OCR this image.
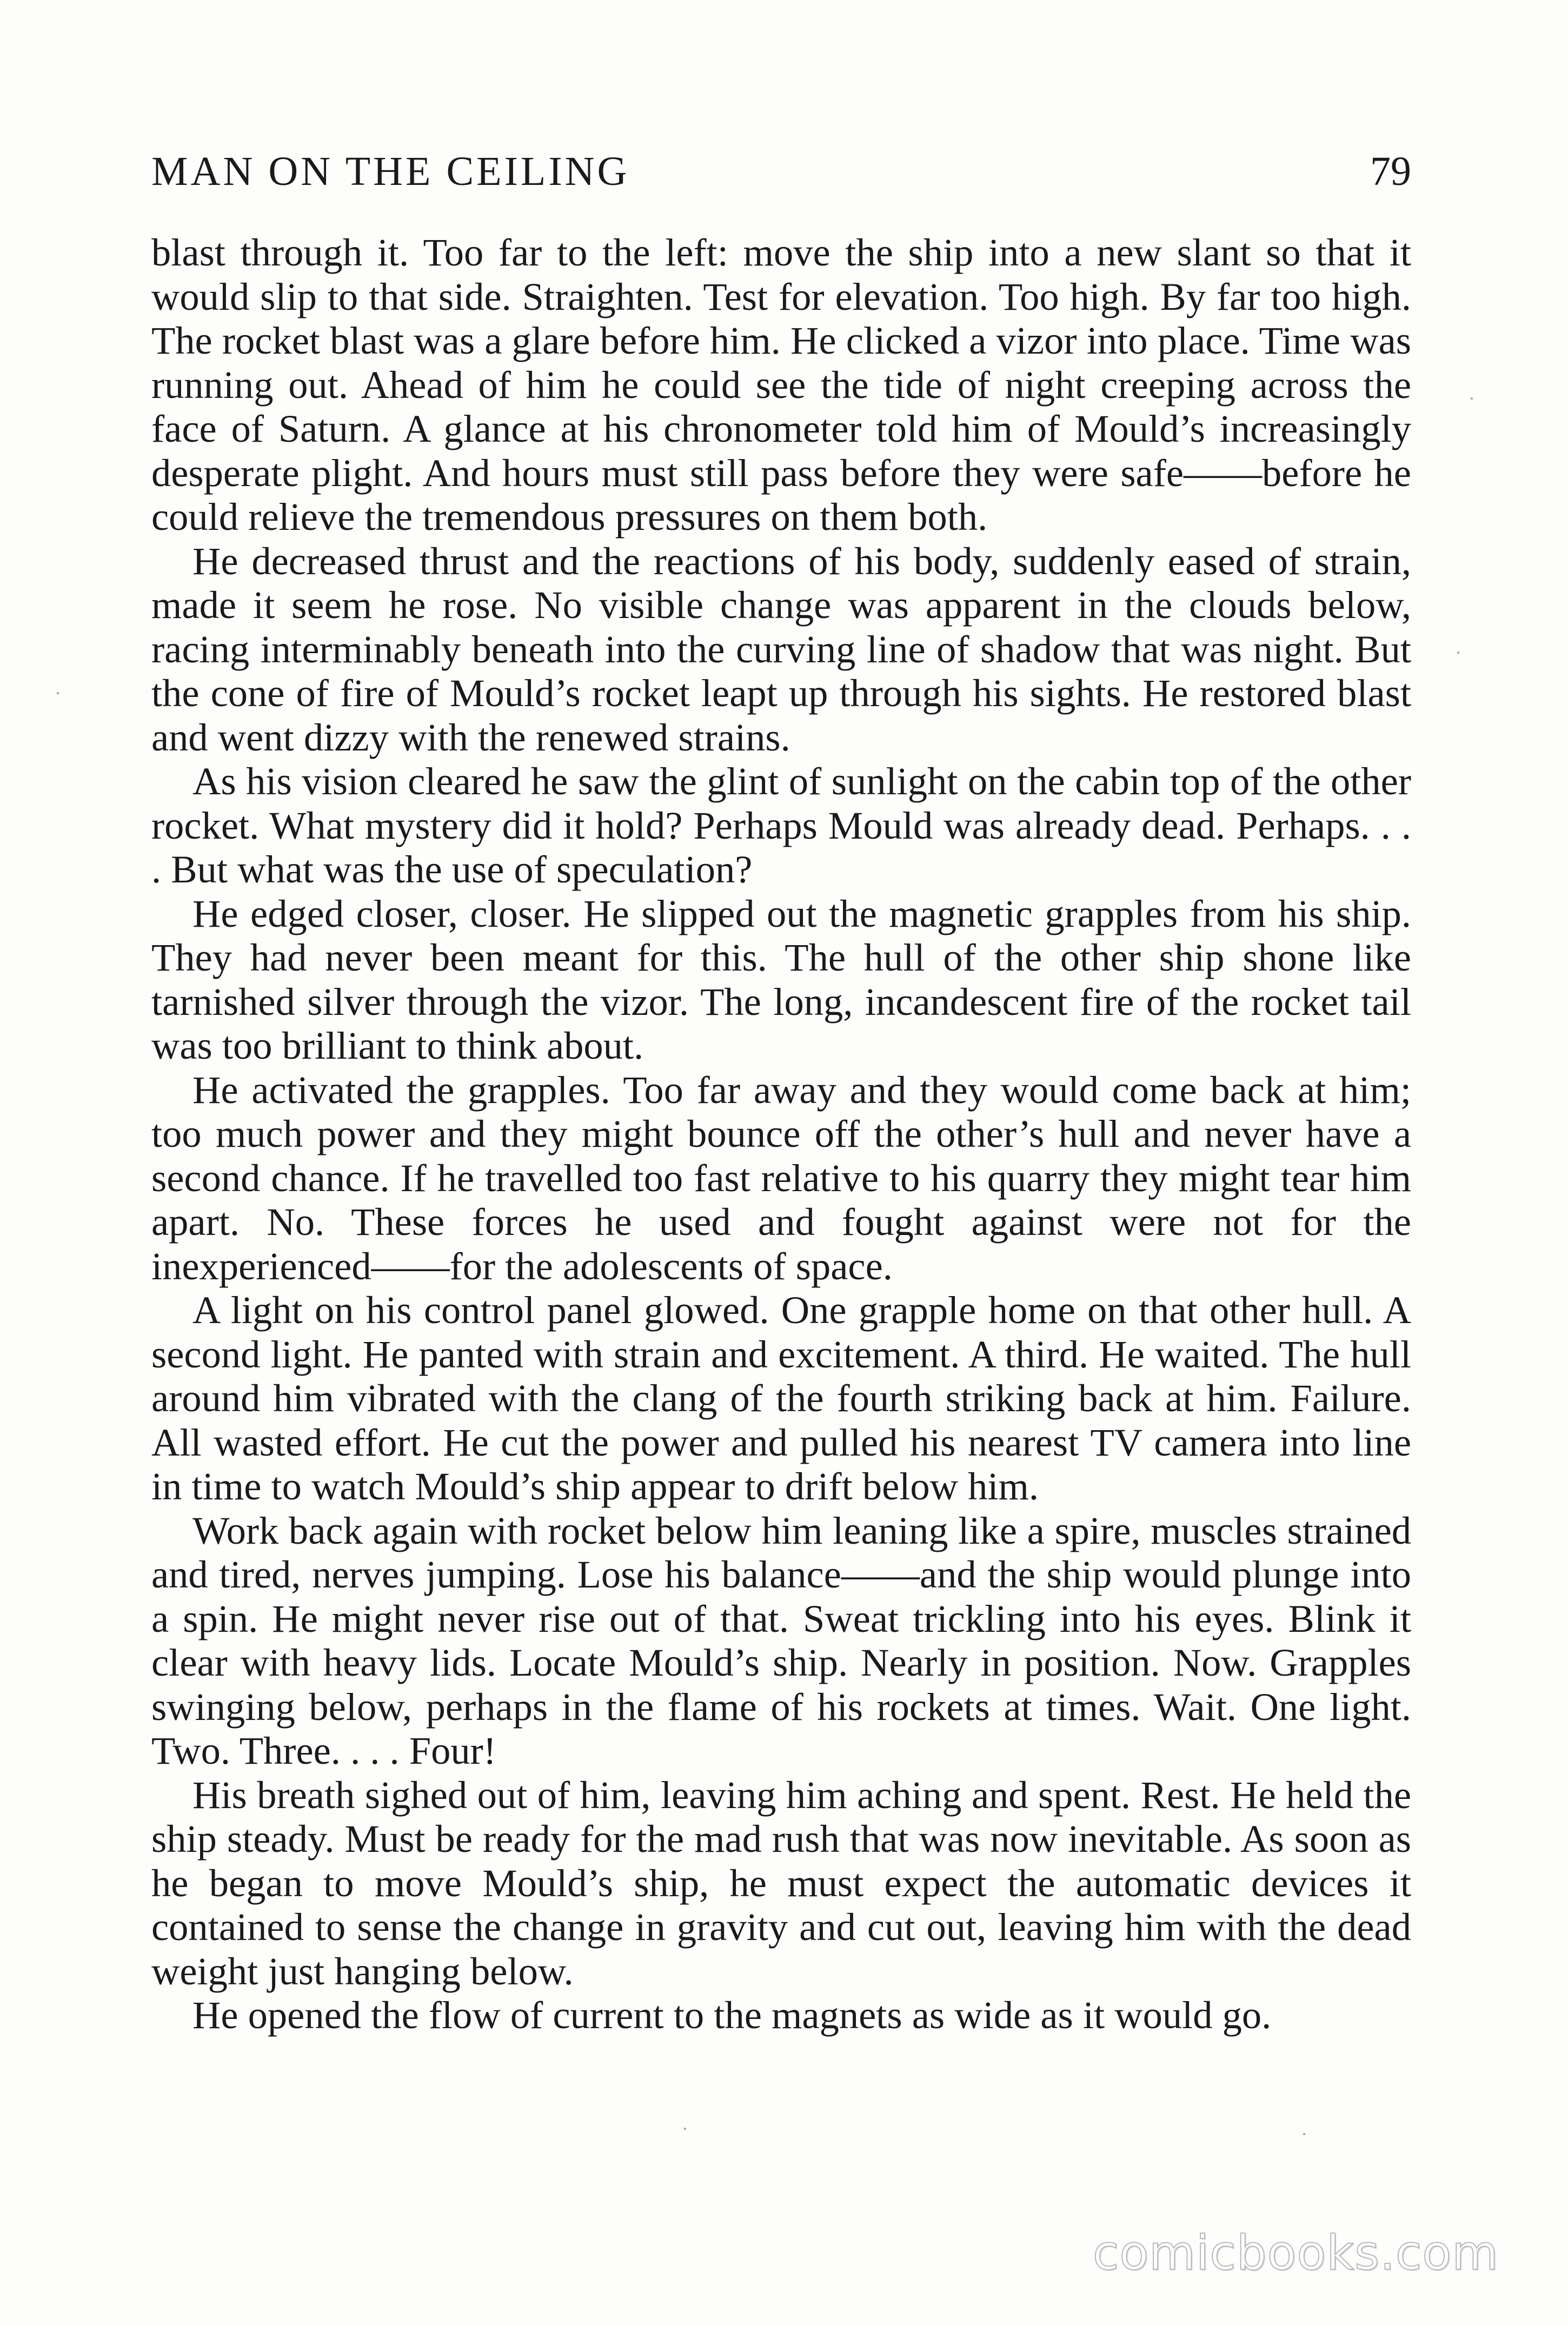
MAN ON THE CEILING	79

blast through it. Too far to the left: move the ship into a new slant so that it would slip to that side. Straighten. Test for elevation. Too high. By far too high. The rocket blast was a glare before him. He clicked a vizor into place. Time was running out. Ahead of him he could see the tide of night creeping across the face of Saturn. A glance at his chronometer told him of Mould’s increasingly desperate plight. And hours must still pass before they were safe——before he could relieve the tremendous pressures on them both.

He decreased thrust and the reactions of his body, suddenly eased of strain, made it seem he rose. No visible change was apparent in the clouds below, racing interminably beneath into the curving line of shadow that was night. But the cone of fire of Mould’s rocket leapt up through his sights. He restored blast and went dizzy with the renewed strains.

As his vision cleared he saw the glint of sunlight on the cabin top of the other rocket. What mystery did it hold? Perhaps Mould was already dead. Perhaps. . . . But what was the use of speculation?

He edged closer, closer. He slipped out the magnetic grapples from his ship. They had never been meant for this. The hull of the other ship shone like tarnished silver through the vizor. The long, incandescent fire of the rocket tail was too brilliant to think about.

He activated the grapples. Too far away and they would come back at him; too much power and they might bounce off the other’s hull and never have a second chance. If he travelled too fast relative to his quarry they might tear him apart. No. These forces he used and fought against were not for the inexperienced——for the adolescents of space.

A light on his control panel glowed. One grapple home on that other hull. A second light. He panted with strain and excitement. A third. He waited. The hull around him vibrated with the clang of the fourth striking back at him. Failure. All wasted effort. He cut the power and pulled his nearest TV camera into line in time to watch Mould’s ship appear to drift below him.

Work back again with rocket below him leaning like a spire, muscles strained and tired, nerves jumping. Lose his balance——and the ship would plunge into a spin. He might never rise out of that. Sweat trickling into his eyes. Blink it clear with heavy lids. Locate Mould’s ship. Nearly in position. Now. Grapples swinging below, perhaps in the flame of his rockets at times. Wait. One light. Two. Three. . . . Four!

His breath sighed out of him, leaving him aching and spent. Rest. He held the ship steady. Must be ready for the mad rush that was now inevitable. As soon as he began to move Mould’s ship, he must expect the automatic devices it contained to sense the change in gravity and cut out, leaving him with the dead weight just hanging below.

He opened the flow of current to the magnets as wide as it would go.

comicbooks.com
